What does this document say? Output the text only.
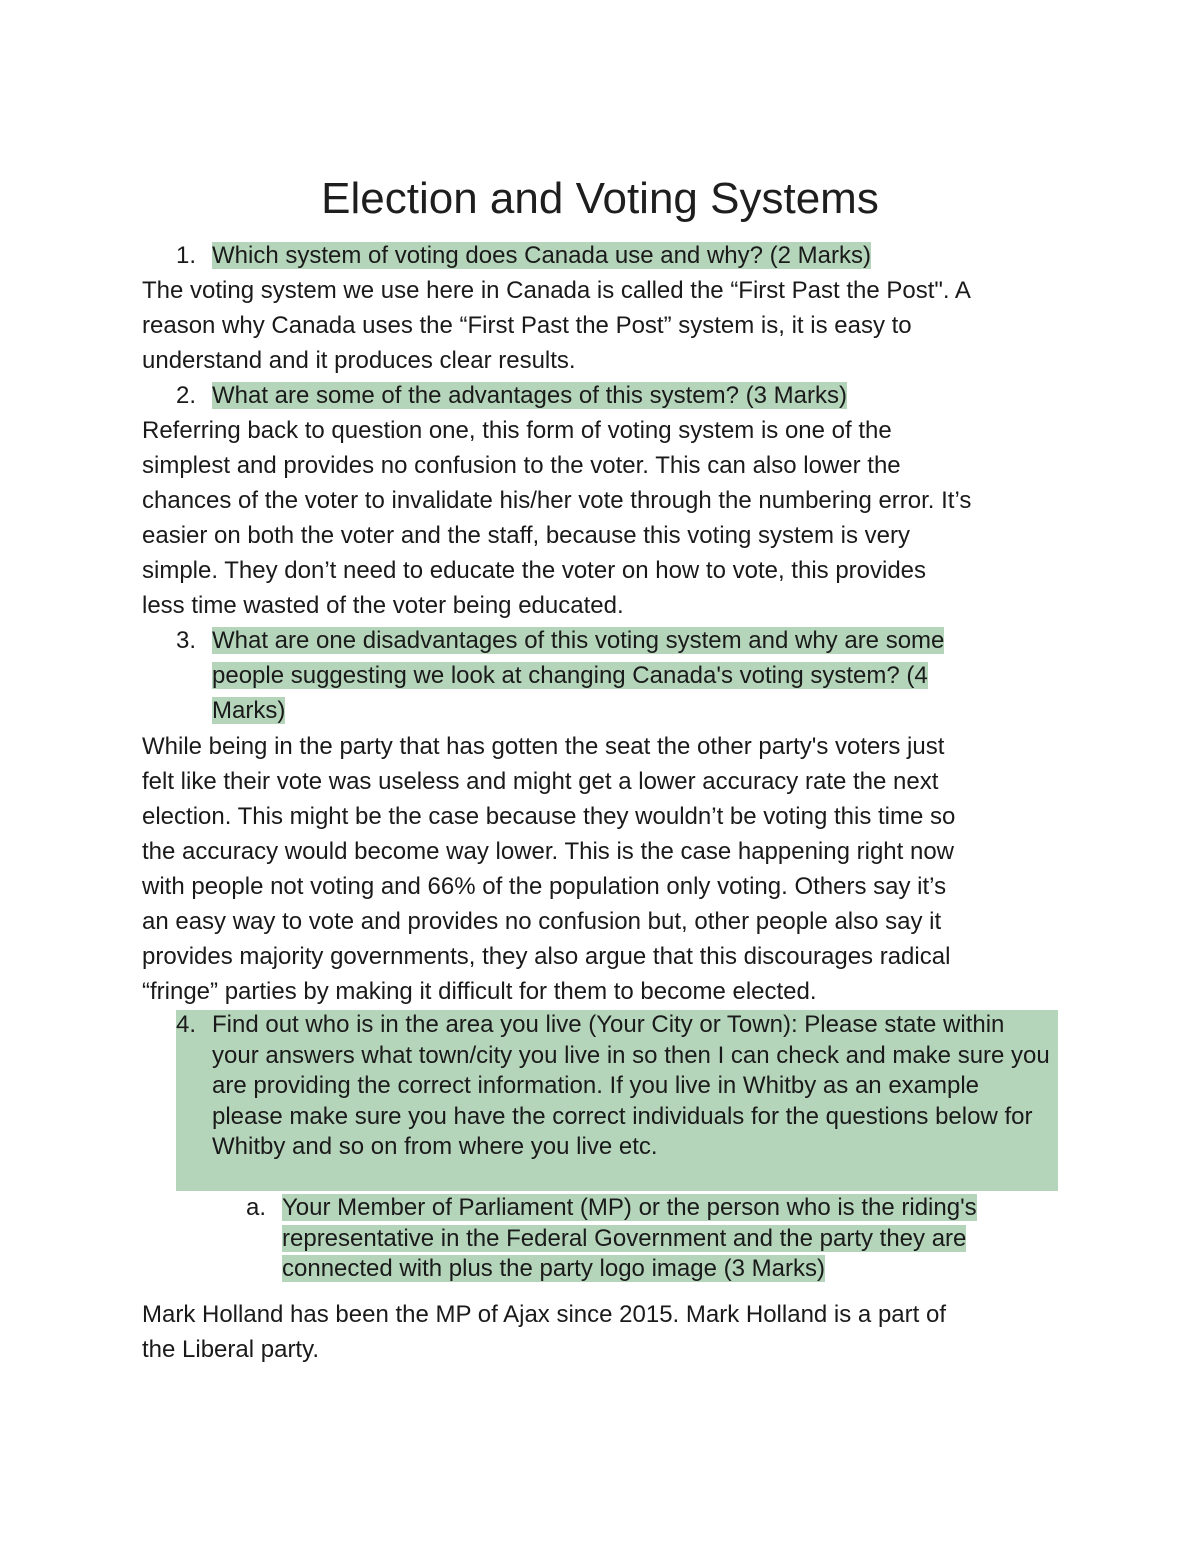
Election and Voting Systems
1. Which system of voting does Canada use and why? (2 Marks)
The voting system we use here in Canada is called the “First Past the Post". A
reason why Canada uses the “First Past the Post” system is, it is easy to
understand and it produces clear results.
2. What are some of the advantages of this system? (3 Marks)
Referring back to question one, this form of voting system is one of the
simplest and provides no confusion to the voter. This can also lower the
chances of the voter to invalidate his/her vote through the numbering error. It’s
easier on both the voter and the staff, because this voting system is very
simple. They don’t need to educate the voter on how to vote, this provides
less time wasted of the voter being educated.
3. What are one disadvantages of this voting system and why are some people suggesting we look at changing Canada's voting system? (4 Marks)
While being in the party that has gotten the seat the other party's voters just
felt like their vote was useless and might get a lower accuracy rate the next
election. This might be the case because they wouldn’t be voting this time so
the accuracy would become way lower. This is the case happening right now
with people not voting and 66% of the population only voting. Others say it’s
an easy way to vote and provides no confusion but, other people also say it
provides majority governments, they also argue that this discourages radical
“fringe” parties by making it difficult for them to become elected.
4. Find out who is in the area you live (Your City or Town): Please state within your answers what town/city you live in so then I can check and make sure you are providing the correct information. If you live in Whitby as an example please make sure you have the correct individuals for the questions below for Whitby and so on from where you live etc.
a. Your Member of Parliament (MP) or the person who is the riding's representative in the Federal Government and the party they are connected with plus the party logo image (3 Marks)
Mark Holland has been the MP of Ajax since 2015. Mark Holland is a part of
the Liberal party.
